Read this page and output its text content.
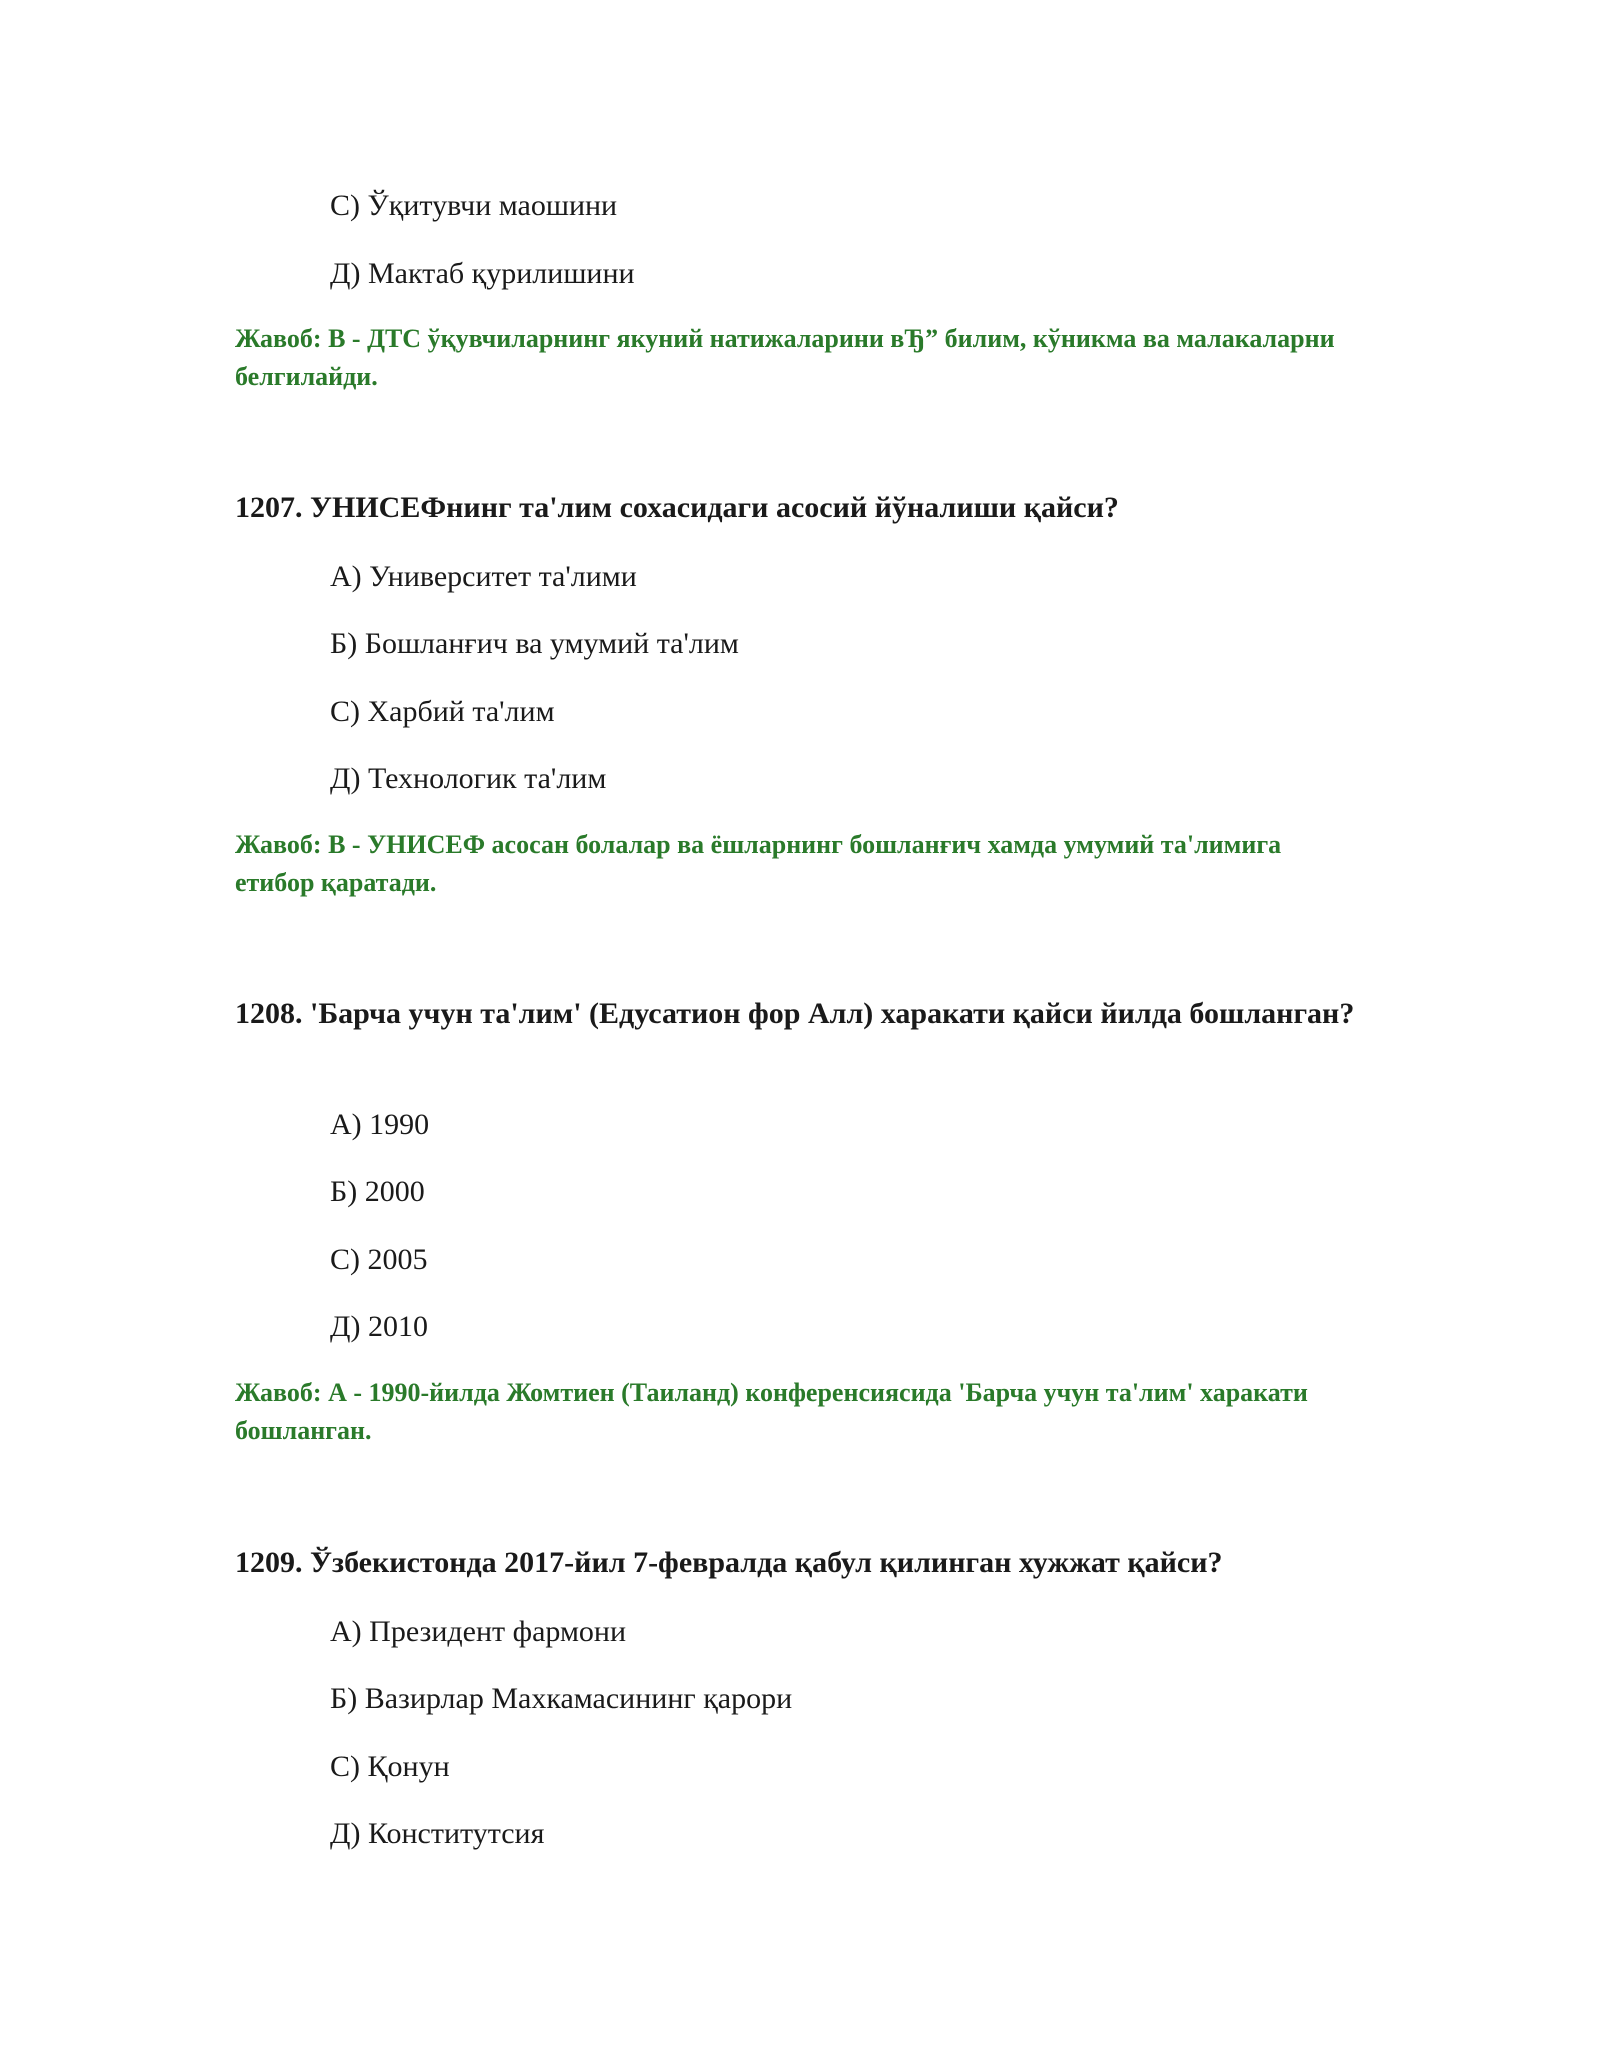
С) Ўқитувчи маошини
Д) Мактаб қурилишини
Жавоб: В - ДТС ўқувчиларнинг якуний натижаларини вЂ” билим, кўникма ва малакаларни белгилайди.
1207. УНИСЕФнинг та'лим сохасидаги асосий йўналиши қайси?
А) Университет та'лими
Б) Бошланғич ва умумий та'лим
С) Харбий та'лим
Д) Технологик та'лим
Жавоб: В - УНИСЕФ асосан болалар ва ёшларнинг бошланғич хамда умумий та'лимига етибор қаратади.
1208. 'Барча учун та'лим' (Едусатион фор Алл) харакати қайси йилда бошланган?
А) 1990
Б) 2000
С) 2005
Д) 2010
Жавоб: А - 1990-йилда Жомтиен (Таиланд) конференсиясида 'Барча учун та'лим' харакати бошланган.
1209. Ўзбекистонда 2017-йил 7-февралда қабул қилинган хужжат қайси?
А) Президент фармони
Б) Вазирлар Махкамасининг қарори
С) Қонун
Д) Конститутсия
